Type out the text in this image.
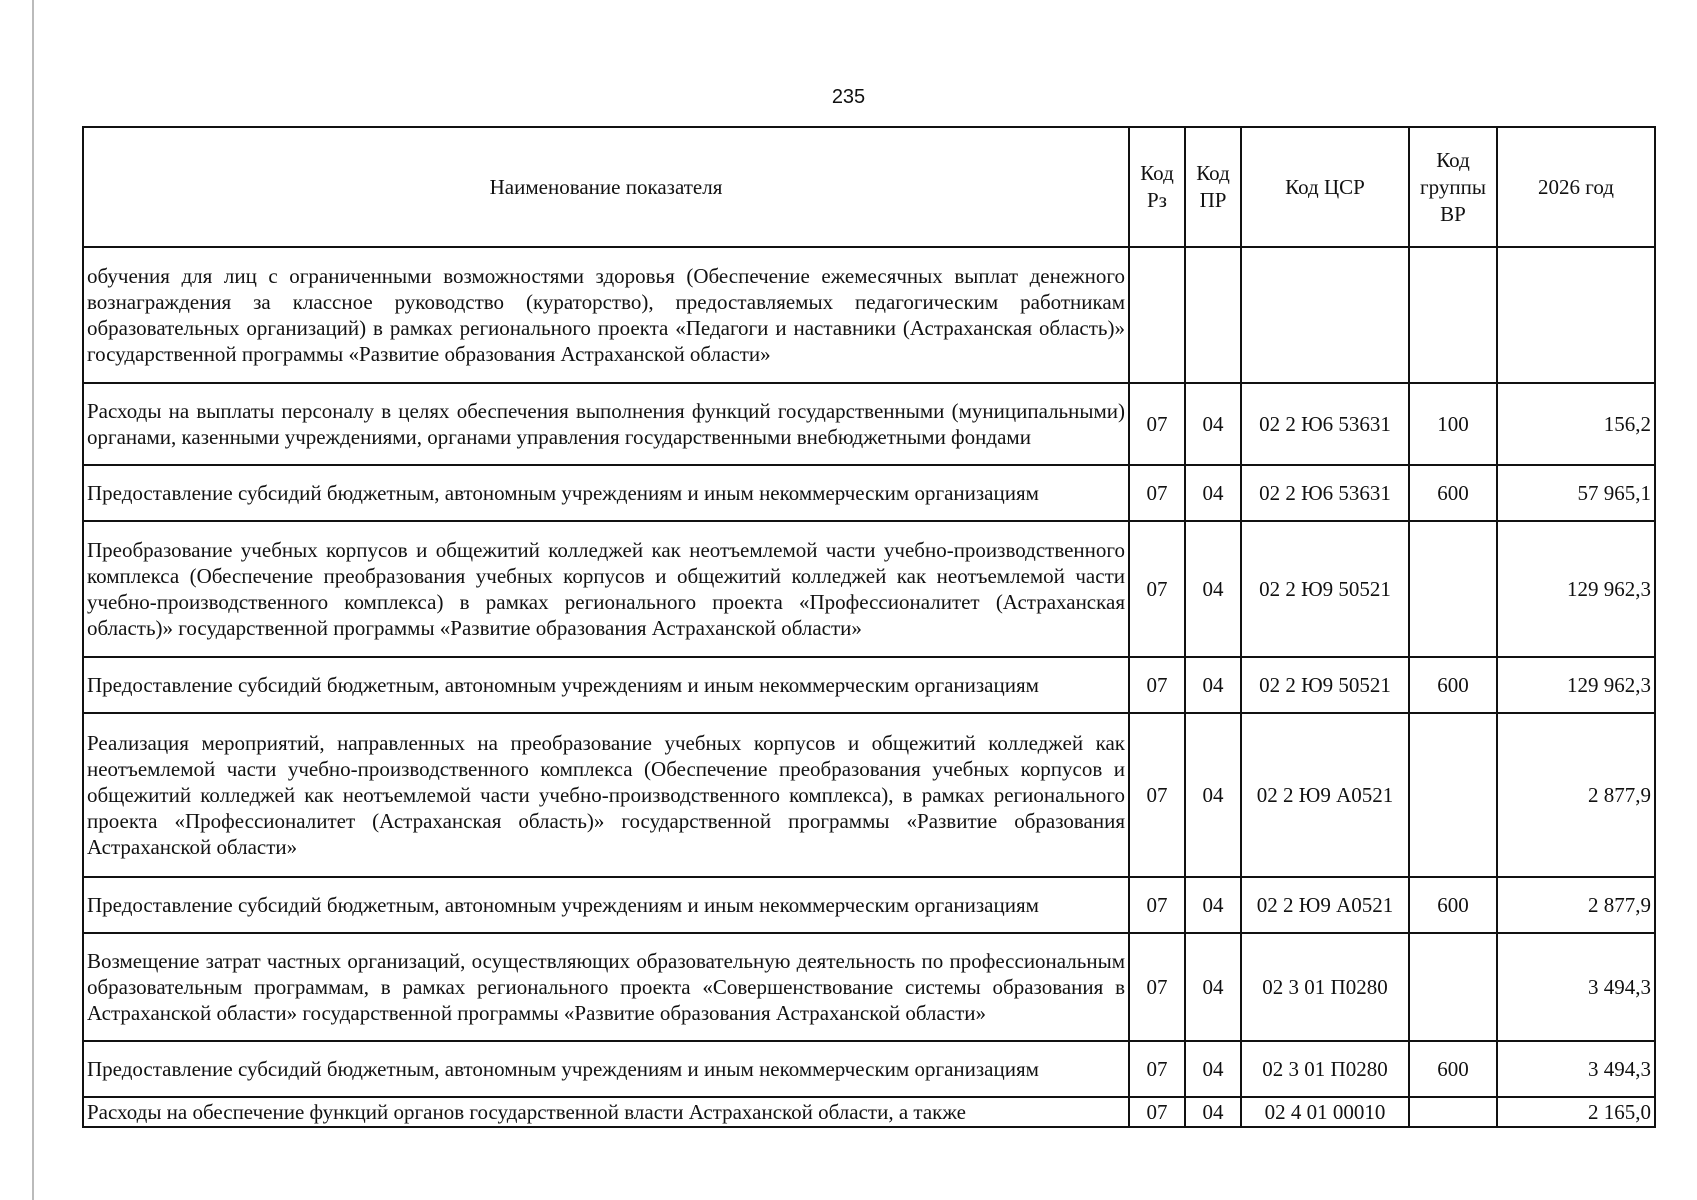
235
Наименование показателя	Код Рз	Код ПР	Код ЦСР	Код группы ВР	2026 год
обучения для лиц с ограниченными возможностями здоровья (Обеспечение ежемесячных выплат денежного вознаграждения за классное руководство (кураторство), предоставляемых педагогическим работникам образовательных организаций) в рамках регионального проекта «Педагоги и наставники (Астраханская область)» государственной программы «Развитие образования Астраханской области»					
Расходы на выплаты персоналу в целях обеспечения выполнения функций государственными (муниципальными) органами, казенными учреждениями, органами управления государственными внебюджетными фондами	07	04	02 2 Ю6 53631	100	156,2
Предоставление субсидий бюджетным, автономным учреждениям и иным некоммерческим организациям	07	04	02 2 Ю6 53631	600	57 965,1
Преобразование учебных корпусов и общежитий колледжей как неотъемлемой части учебно-производственного комплекса (Обеспечение преобразования учебных корпусов и общежитий колледжей как неотъемлемой части учебно-производственного комплекса) в рамках регионального проекта «Профессионалитет (Астраханская область)» государственной программы «Развитие образования Астраханской области»	07	04	02 2 Ю9 50521		129 962,3
Предоставление субсидий бюджетным, автономным учреждениям и иным некоммерческим организациям	07	04	02 2 Ю9 50521	600	129 962,3
Реализация мероприятий, направленных на преобразование учебных корпусов и общежитий колледжей как неотъемлемой части учебно-производственного комплекса (Обеспечение преобразования учебных корпусов и общежитий колледжей как неотъемлемой части учебно-производственного комплекса), в рамках регионального проекта «Профессионалитет (Астраханская область)» государственной программы «Развитие образования Астраханской области»	07	04	02 2 Ю9 А0521		2 877,9
Предоставление субсидий бюджетным, автономным учреждениям и иным некоммерческим организациям	07	04	02 2 Ю9 А0521	600	2 877,9
Возмещение затрат частных организаций, осуществляющих образовательную деятельность по профессиональным образовательным программам, в рамках регионального проекта «Совершенствование системы образования в Астраханской области» государственной программы «Развитие образования Астраханской области»	07	04	02 3 01 П0280		3 494,3
Предоставление субсидий бюджетным, автономным учреждениям и иным некоммерческим организациям	07	04	02 3 01 П0280	600	3 494,3
Расходы на обеспечение функций органов государственной власти Астраханской области, а также	07	04	02 4 01 00010		2 165,0
